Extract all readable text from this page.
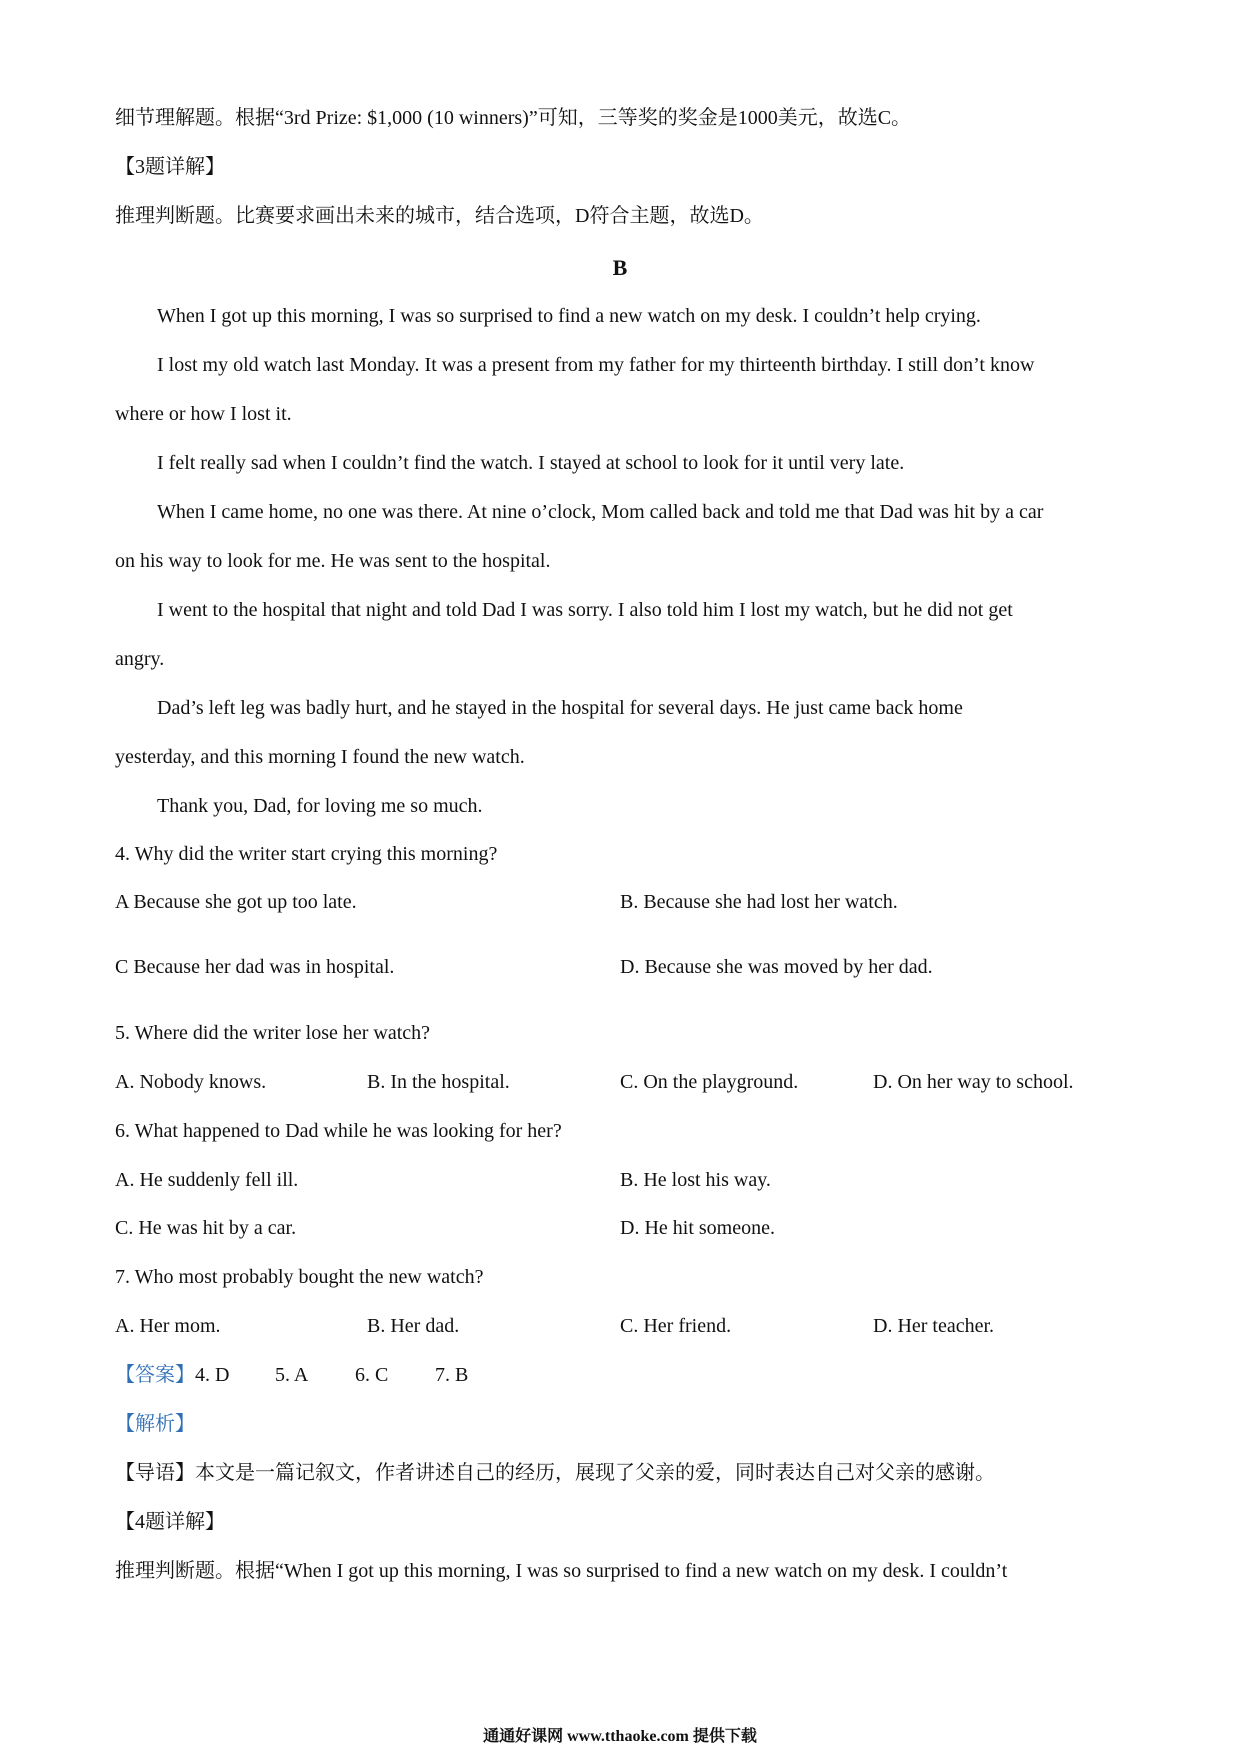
细节理解题。根据“3rd Prize: $1,000 (10 winners)”可知，三等奖的奖金是1000美元，故选C。
【3题详解】
推理判断题。比赛要求画出未来的城市，结合选项，D符合主题，故选D。
B
When I got up this morning, I was so surprised to find a new watch on my desk. I couldn’t help crying.
I lost my old watch last Monday. It was a present from my father for my thirteenth birthday. I still don’t know
where or how I lost it.
I felt really sad when I couldn’t find the watch. I stayed at school to look for it until very late.
When I came home, no one was there. At nine o’clock, Mom called back and told me that Dad was hit by a car
on his way to look for me. He was sent to the hospital.
I went to the hospital that night and told Dad I was sorry. I also told him I lost my watch, but he did not get
angry.
Dad’s left leg was badly hurt, and he stayed in the hospital for several days. He just came back home
yesterday, and this morning I found the new watch.
Thank you, Dad, for loving me so much.
4. Why did the writer start crying this morning?
A Because she got up too late.	B. Because she had lost her watch.
C Because her dad was in hospital.	D. Because she was moved by her dad.
5. Where did the writer lose her watch?
A. Nobody knows.	B. In the hospital.	C. On the playground.	D. On her way to school.
6. What happened to Dad while he was looking for her?
A. He suddenly fell ill.	B. He lost his way.
C. He was hit by a car.	D. He hit someone.
7. Who most probably bought the new watch?
A. Her mom.	B. Her dad.	C. Her friend.	D. Her teacher.
【答案】4. D 5. A 6. C 7. B
【解析】
【导语】本文是一篇记叙文，作者讲述自己的经历，展现了父亲的爱，同时表达自己对父亲的感谢。
【4题详解】
推理判断题。根据“When I got up this morning, I was so surprised to find a new watch on my desk. I couldn’t
通通好课网 www.tthaoke.com 提供下载
